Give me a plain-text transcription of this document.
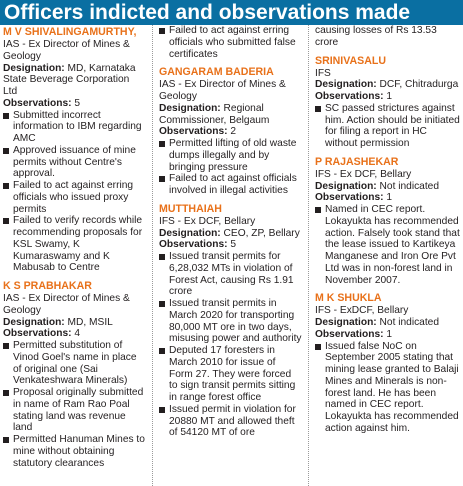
Officers indicted and observations made
M V SHIVALINGAMURTHY,
IAS - Ex Director of Mines & Geology
Designation: MD, Karnataka State Beverage Corporation Ltd
Observations: 5
Submitted incorrect information to IBM regarding AMC
Approved issuance of mine permits without Centre's approval.
Failed to act against erring officials who issued proxy permits
Failed to verify records while recommending proposals for KSL Swamy, K Kumaraswamy and K Mabusab to Centre
K S PRABHAKAR
IAS - Ex Director of Mines & Geology
Designation: MD, MSIL
Observations: 4
Permitted substitution of Vinod Goel's name in place of original one (Sai Venkateshwara Minerals)
Proposal originally submitted in name of Ram Rao Poal stating land was revenue land
Permitted Hanuman Mines to mine without obtaining statutory clearances
Failed to act against erring officials who submitted false certificates
GANGARAM BADERIA
IAS - Ex Director of Mines & Geology
Designation: Regional Commissioner, Belgaum
Observations: 2
Permitted lifting of old waste dumps illegally and by bringing pressure
Failed to act against officials involved in illegal activities
MUTTHAIAH
IFS - Ex DCF, Bellary
Designation: CEO, ZP, Bellary
Observations: 5
Issued transit permits for 6,28,032 MTs in violation of Forest Act, causing Rs 1.91 crore
Issued transit permits in March 2020 for transporting 80,000 MT ore in two days, misusing power and authority
Deputed 17 foresters in March 2010 for issue of Form 27. They were forced to sign transit permits sitting in range forest office
Issued permit in violation for 20880 MT and allowed theft of 54120 MT of ore
causing losses of Rs 13.53 crore
SRINIVASALU
IFS
Designation: DCF, Chitradurga
Observations: 1
SC passed strictures against him. Action should be initiated for filing a report in HC without permission
P RAJASHEKAR
IFS - Ex DCF, Bellary
Designation: Not indicated
Observations: 1
Named in CEC report. Lokayukta has recommended action. Falsely took stand that the lease issued to Kartikeya Manganese and Iron Ore Pvt Ltd was in non-forest land in November 2007.
M K SHUKLA
IFS - ExDCF, Bellary
Designation: Not indicated
Observations: 1
Issued false NoC on September 2005 stating that mining lease granted to Balaji Mines and Minerals is non-forest land. He has been named in CEC report. Lokayukta has recommended action against him.
